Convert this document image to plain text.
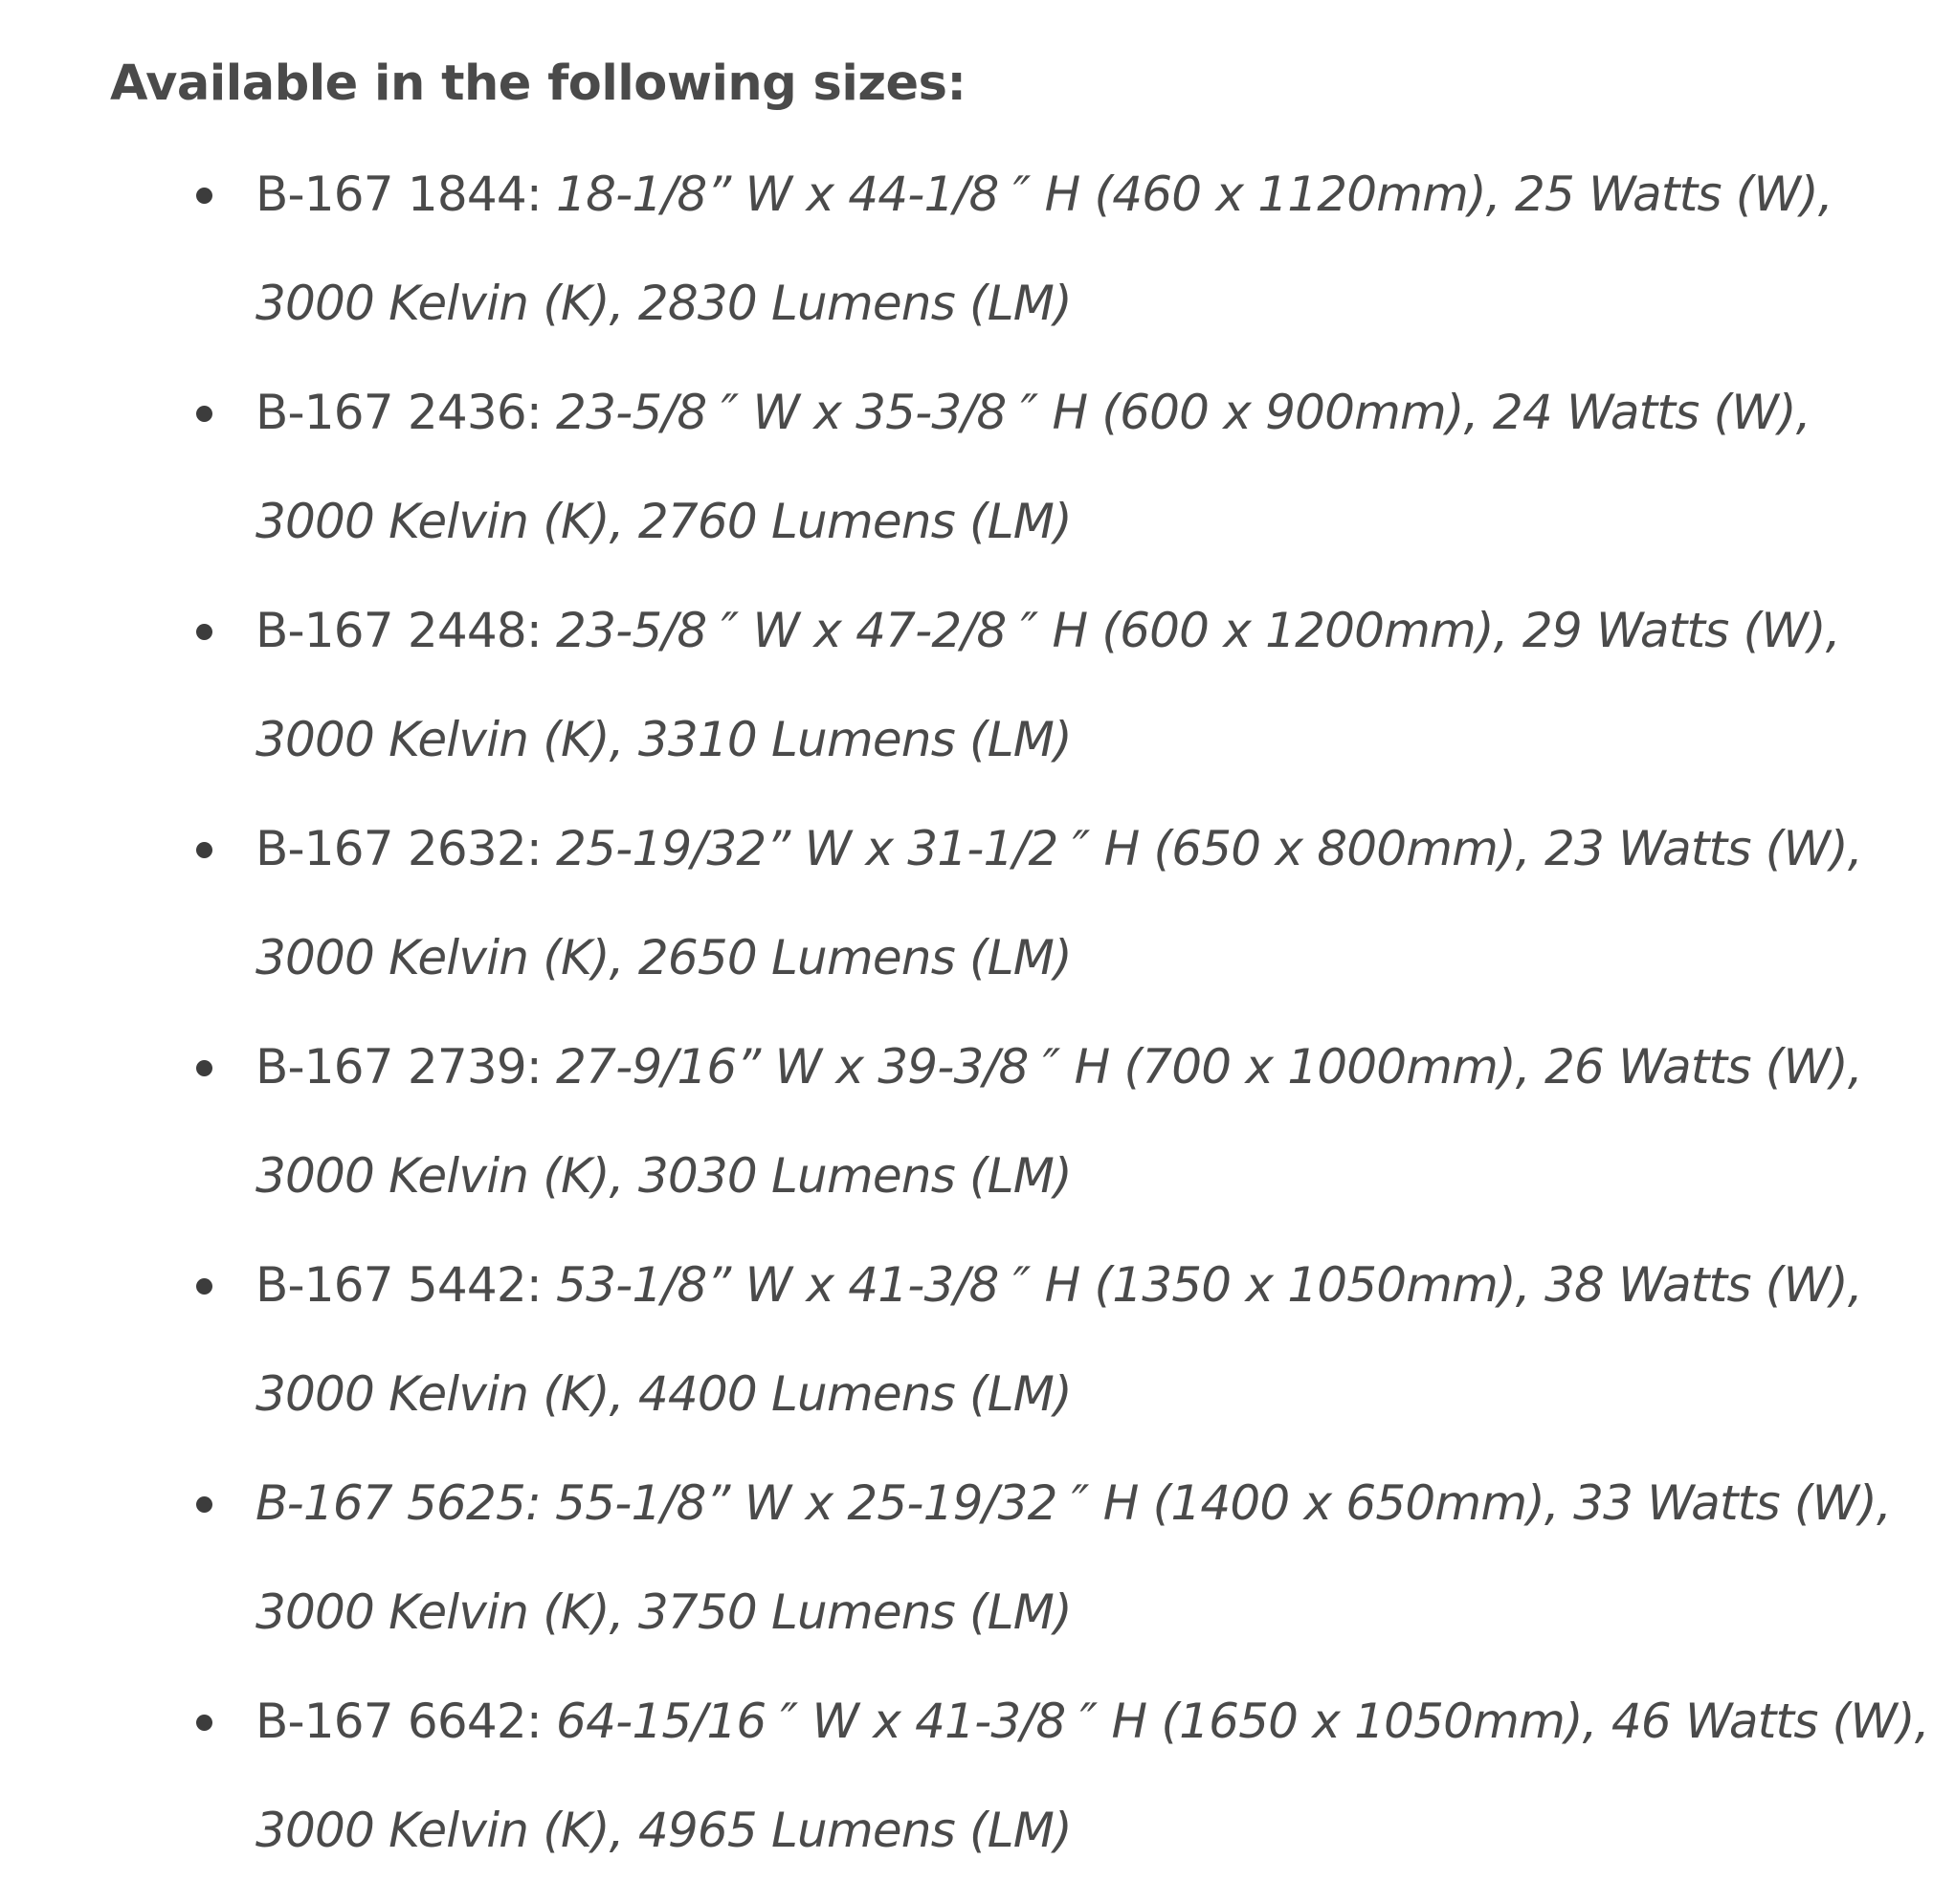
Available in the following sizes:

B-167 1844: 18-1/8” W x 44-1/8 ″ H (460 x 1120mm), 25 Watts (W), 3000 Kelvin (K), 2830 Lumens (LM)
B-167 2436: 23-5/8 ″ W x 35-3/8 ″ H (600 x 900mm), 24 Watts (W), 3000 Kelvin (K), 2760 Lumens (LM)
B-167 2448: 23-5/8 ″ W x 47-2/8 ″ H (600 x 1200mm), 29 Watts (W), 3000 Kelvin (K), 3310 Lumens (LM)
B-167 2632: 25-19/32” W x 31-1/2 ″ H (650 x 800mm), 23 Watts (W), 3000 Kelvin (K), 2650 Lumens (LM)
B-167 2739: 27-9/16” W x 39-3/8 ″ H (700 x 1000mm), 26 Watts (W), 3000 Kelvin (K), 3030 Lumens (LM)
B-167 5442: 53-1/8” W x 41-3/8 ″ H (1350 x 1050mm), 38 Watts (W), 3000 Kelvin (K), 4400 Lumens (LM)
B-167 5625: 55-1/8” W x 25-19/32 ″ H (1400 x 650mm), 33 Watts (W), 3000 Kelvin (K), 3750 Lumens (LM)
B-167 6642: 64-15/16 ″ W x 41-3/8 ″ H (1650 x 1050mm), 46 Watts (W), 3000 Kelvin (K), 4965 Lumens (LM)
